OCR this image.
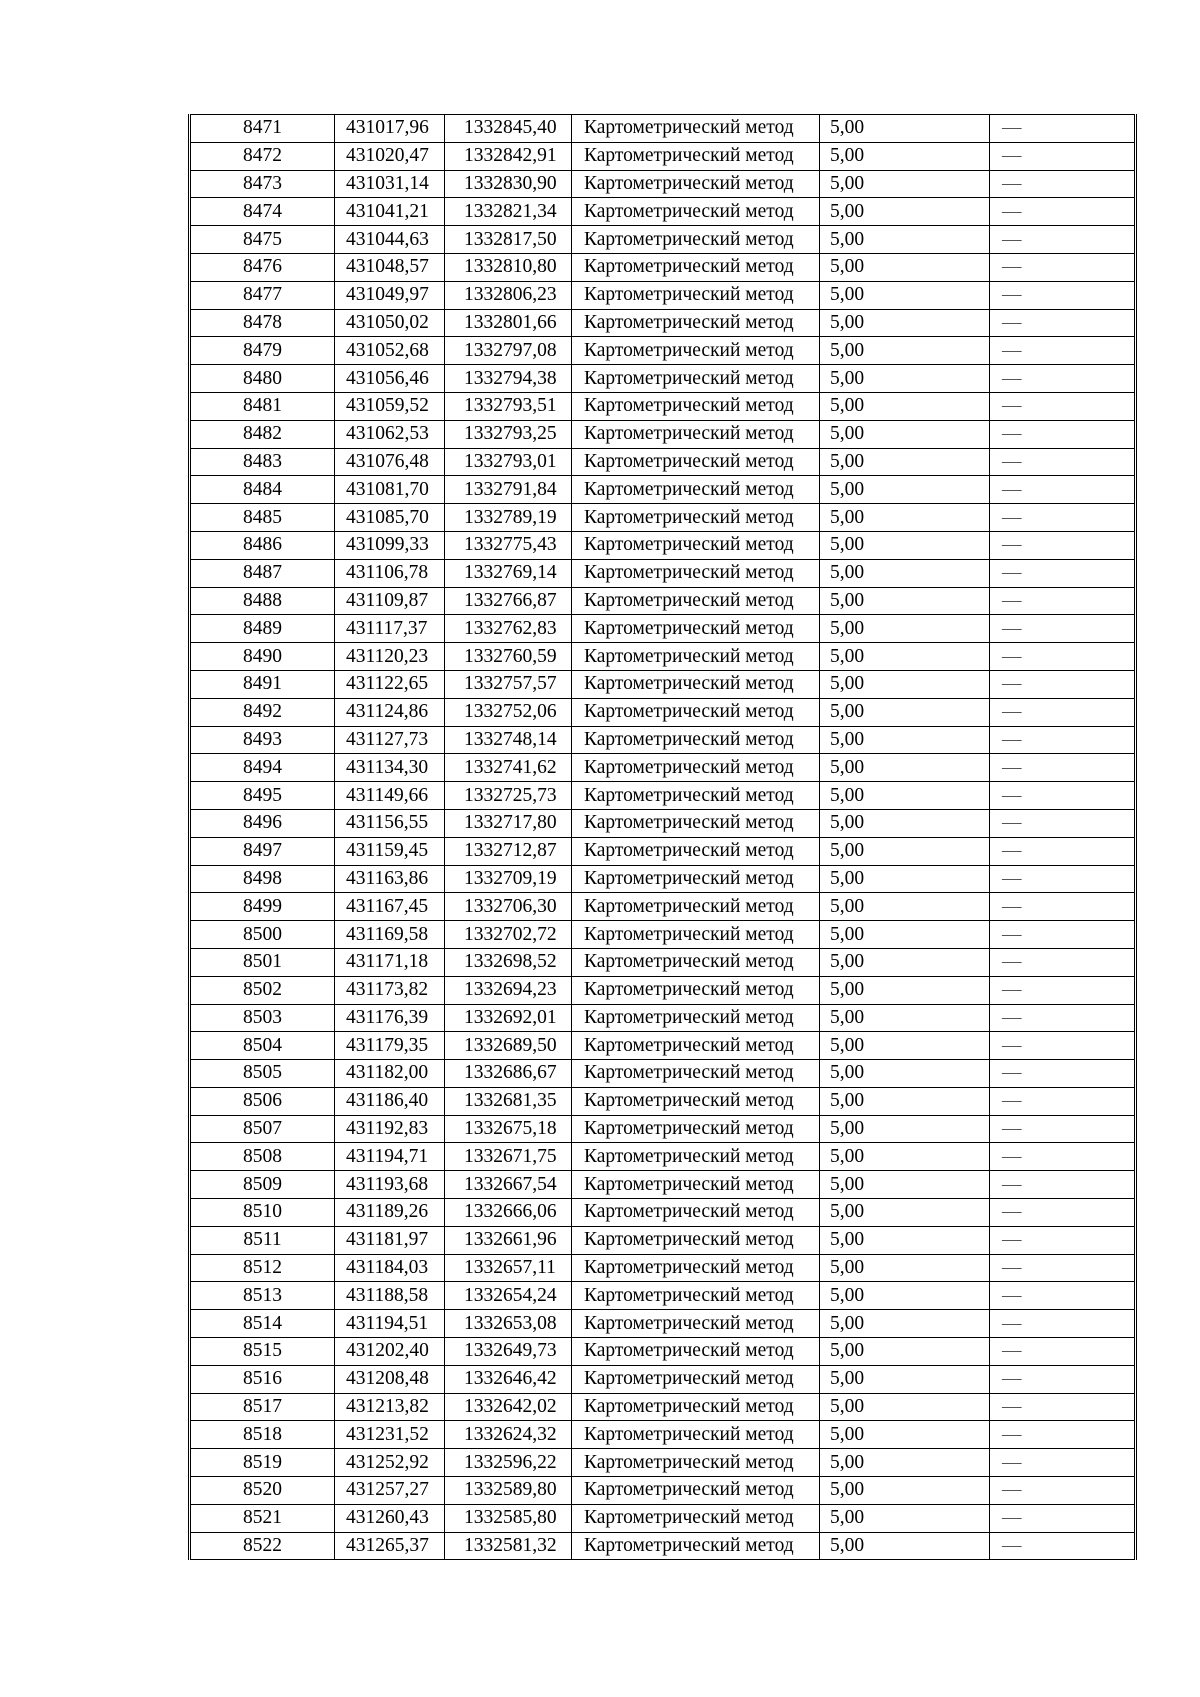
8471	431017,96	1332845,40	Картометрический метод	5,00	—
8472	431020,47	1332842,91	Картометрический метод	5,00	—
8473	431031,14	1332830,90	Картометрический метод	5,00	—
8474	431041,21	1332821,34	Картометрический метод	5,00	—
8475	431044,63	1332817,50	Картометрический метод	5,00	—
8476	431048,57	1332810,80	Картометрический метод	5,00	—
8477	431049,97	1332806,23	Картометрический метод	5,00	—
8478	431050,02	1332801,66	Картометрический метод	5,00	—
8479	431052,68	1332797,08	Картометрический метод	5,00	—
8480	431056,46	1332794,38	Картометрический метод	5,00	—
8481	431059,52	1332793,51	Картометрический метод	5,00	—
8482	431062,53	1332793,25	Картометрический метод	5,00	—
8483	431076,48	1332793,01	Картометрический метод	5,00	—
8484	431081,70	1332791,84	Картометрический метод	5,00	—
8485	431085,70	1332789,19	Картометрический метод	5,00	—
8486	431099,33	1332775,43	Картометрический метод	5,00	—
8487	431106,78	1332769,14	Картометрический метод	5,00	—
8488	431109,87	1332766,87	Картометрический метод	5,00	—
8489	431117,37	1332762,83	Картометрический метод	5,00	—
8490	431120,23	1332760,59	Картометрический метод	5,00	—
8491	431122,65	1332757,57	Картометрический метод	5,00	—
8492	431124,86	1332752,06	Картометрический метод	5,00	—
8493	431127,73	1332748,14	Картометрический метод	5,00	—
8494	431134,30	1332741,62	Картометрический метод	5,00	—
8495	431149,66	1332725,73	Картометрический метод	5,00	—
8496	431156,55	1332717,80	Картометрический метод	5,00	—
8497	431159,45	1332712,87	Картометрический метод	5,00	—
8498	431163,86	1332709,19	Картометрический метод	5,00	—
8499	431167,45	1332706,30	Картометрический метод	5,00	—
8500	431169,58	1332702,72	Картометрический метод	5,00	—
8501	431171,18	1332698,52	Картометрический метод	5,00	—
8502	431173,82	1332694,23	Картометрический метод	5,00	—
8503	431176,39	1332692,01	Картометрический метод	5,00	—
8504	431179,35	1332689,50	Картометрический метод	5,00	—
8505	431182,00	1332686,67	Картометрический метод	5,00	—
8506	431186,40	1332681,35	Картометрический метод	5,00	—
8507	431192,83	1332675,18	Картометрический метод	5,00	—
8508	431194,71	1332671,75	Картометрический метод	5,00	—
8509	431193,68	1332667,54	Картометрический метод	5,00	—
8510	431189,26	1332666,06	Картометрический метод	5,00	—
8511	431181,97	1332661,96	Картометрический метод	5,00	—
8512	431184,03	1332657,11	Картометрический метод	5,00	—
8513	431188,58	1332654,24	Картометрический метод	5,00	—
8514	431194,51	1332653,08	Картометрический метод	5,00	—
8515	431202,40	1332649,73	Картометрический метод	5,00	—
8516	431208,48	1332646,42	Картометрический метод	5,00	—
8517	431213,82	1332642,02	Картометрический метод	5,00	—
8518	431231,52	1332624,32	Картометрический метод	5,00	—
8519	431252,92	1332596,22	Картометрический метод	5,00	—
8520	431257,27	1332589,80	Картометрический метод	5,00	—
8521	431260,43	1332585,80	Картометрический метод	5,00	—
8522	431265,37	1332581,32	Картометрический метод	5,00	—
